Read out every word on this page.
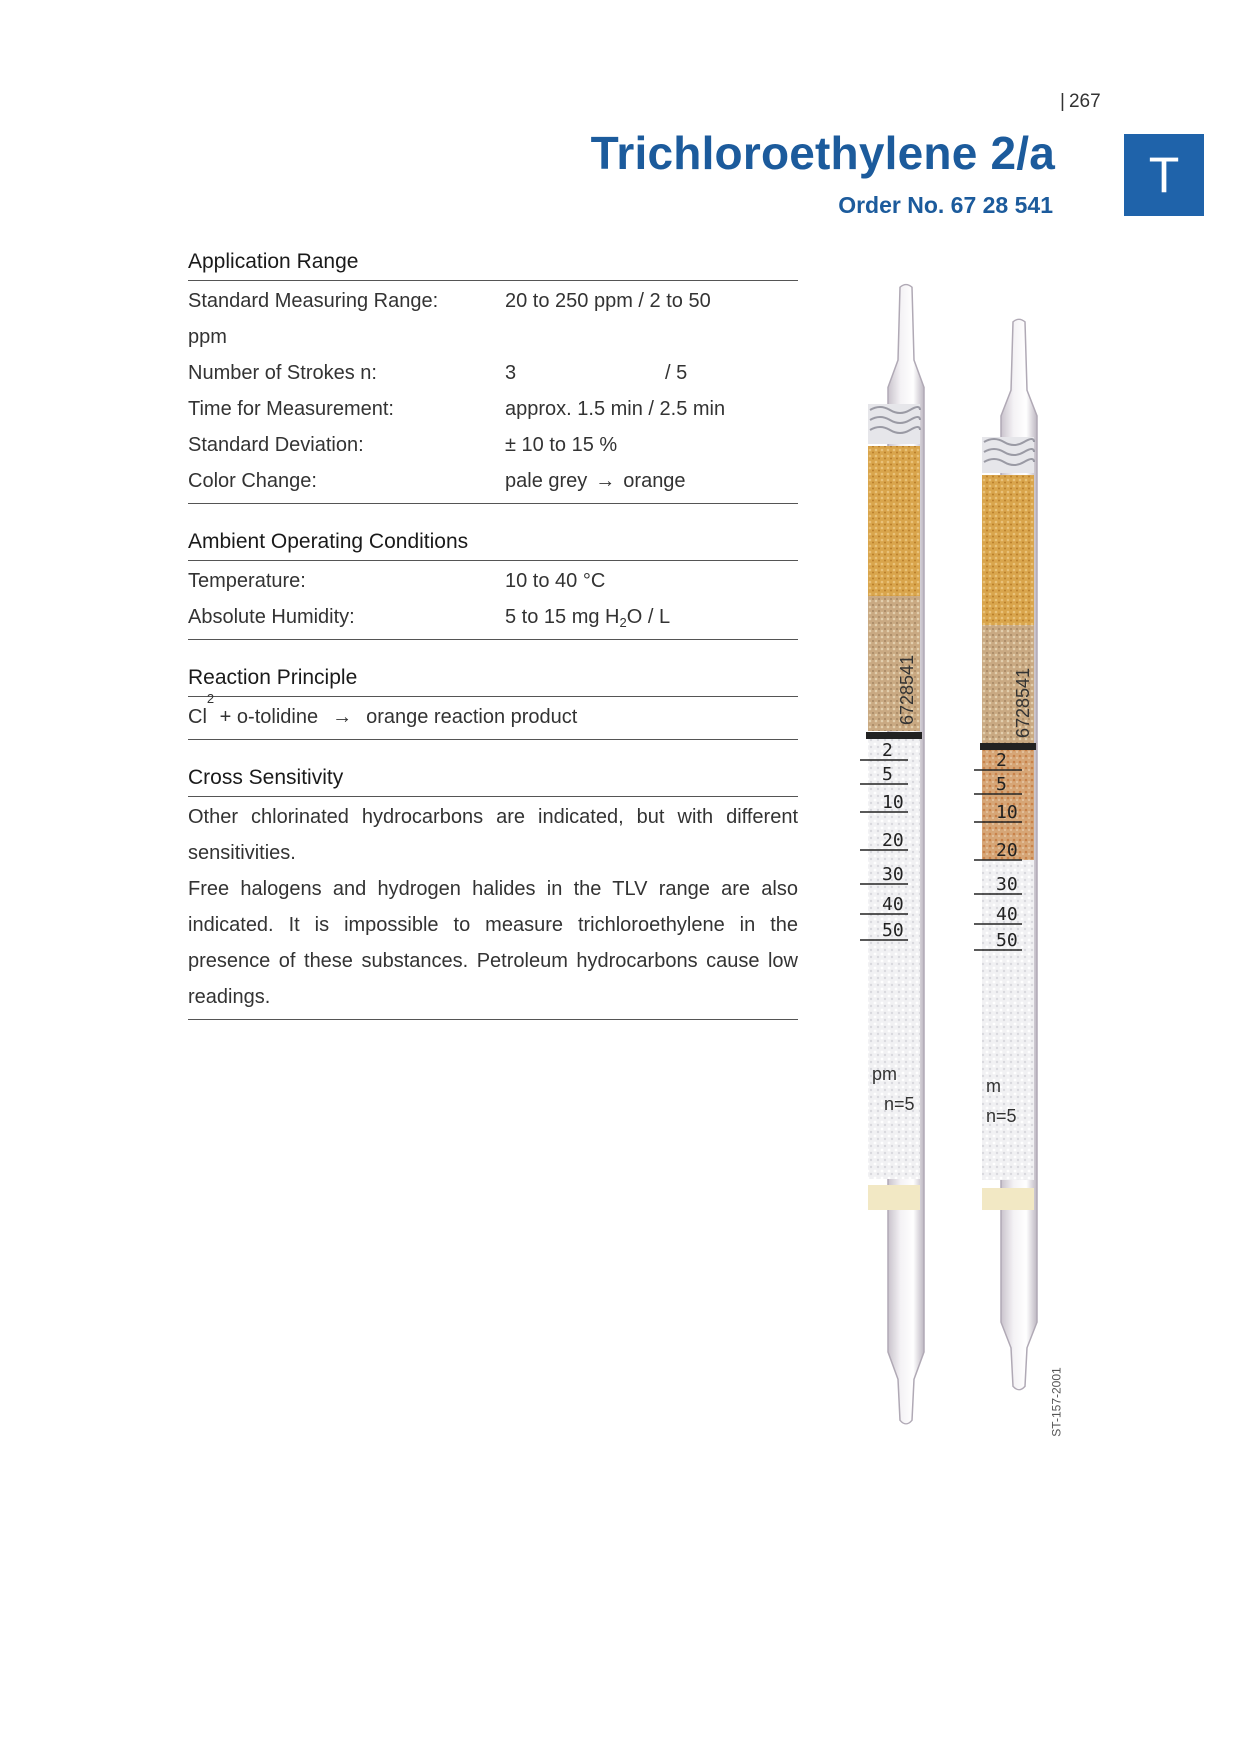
| 267
Trichloroethylene 2/a
Order No. 67 28 541
T
Application Range
Standard Measuring Range:	20 to 250 ppm / 2 to 50
ppm
Number of Strokes n:	3	/ 5
Time for Measurement:	approx. 1.5 min / 2.5 min
Standard Deviation:	± 10 to 15 %
Color Change:	pale grey → orange
Ambient Operating Conditions
Temperature:	10 to 40 °C
Absolute Humidity:	5 to 15 mg $H_2O$ / L
Reaction Principle
Cl
2
+ o-tolidine → orange reaction product
Cross Sensitivity
Other chlorinated hydrocarbons are indicated, but with different sensitivities.
Free halogens and hydrogen halides in the TLV range are also indicated. It is impossible to measure trichloroethylene in the presence of these substances. Petroleum hydrocarbons cause low readings.
6728541	6728541
2
5
10
20
30
40
50
2
5
10
20
30
40
50
pm
n=5
m
n=5
ST-157-2001
